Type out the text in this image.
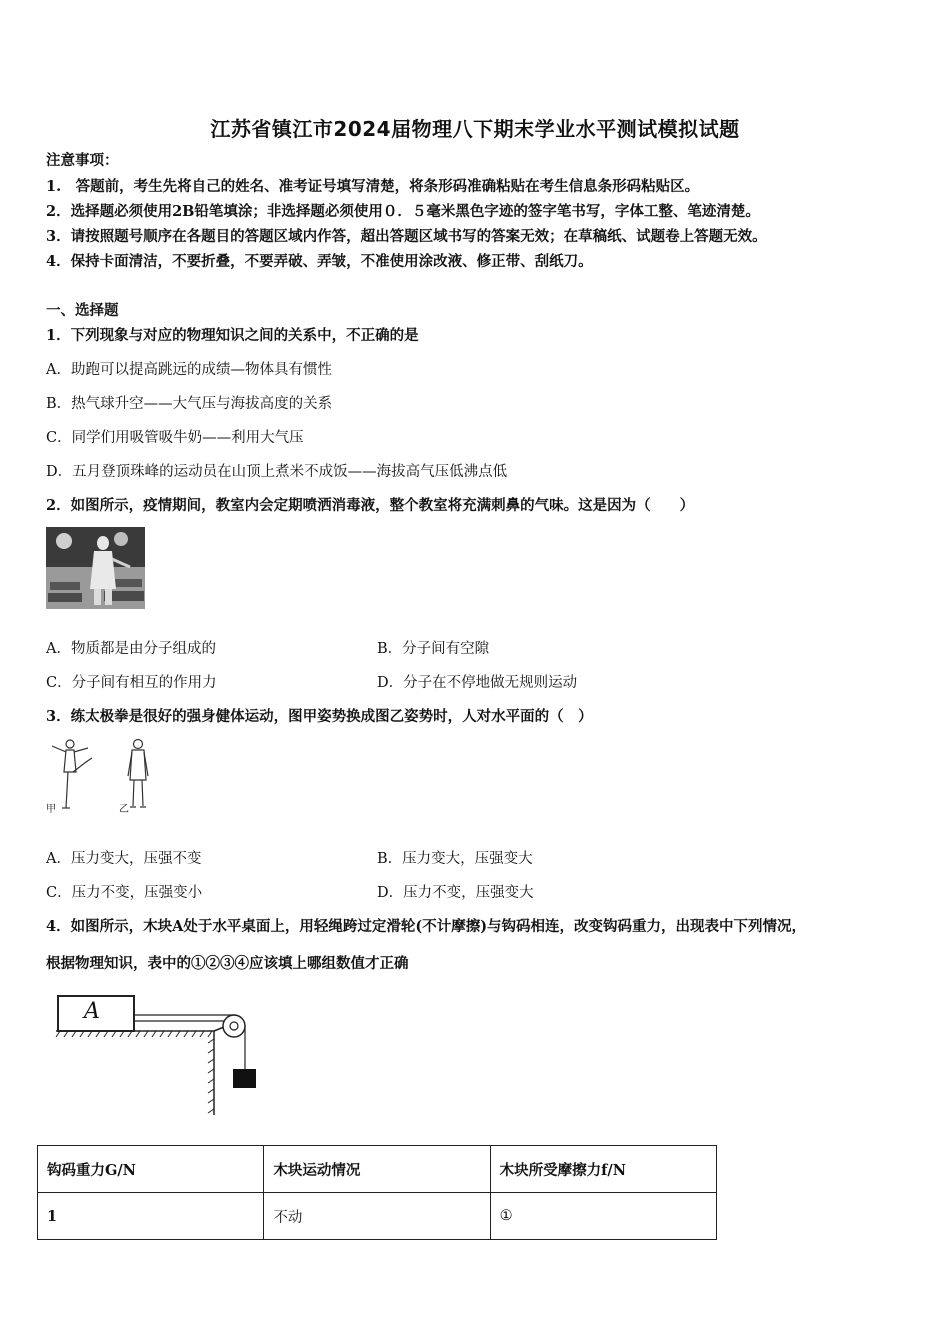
江苏省镇江市2024届物理八下期末学业水平测试模拟试题
注意事项：
1.　答题前，考生先将自己的姓名、准考证号填写清楚，将条形码准确粘贴在考生信息条形码粘贴区。
2．选择题必须使用2B铅笔填涂；非选择题必须使用０．５毫米黑色字迹的签字笔书写，字体工整、笔迹清楚。
3．请按照题号顺序在各题目的答题区域内作答，超出答题区域书写的答案无效；在草稿纸、试题卷上答题无效。
4．保持卡面清洁，不要折叠，不要弄破、弄皱，不准使用涂改液、修正带、刮纸刀。
一、选择题
1．下列现象与对应的物理知识之间的关系中，不正确的是
A．助跑可以提高跳远的成绩—物体具有惯性
B．热气球升空——大气压与海拔高度的关系
C．同学们用吸管吸牛奶——利用大气压
D．五月登顶珠峰的运动员在山顶上煮米不成饭——海拔高气压低沸点低
2．如图所示，疫情期间，教室内会定期喷洒消毒液，整个教室将充满刺鼻的气味。这是因为（　　）
A．物质都是由分子组成的	B．分子间有空隙
C．分子间有相互的作用力	D．分子在不停地做无规则运动
3．练太极拳是很好的强身健体运动，图甲姿势换成图乙姿势时，人对水平面的（　）
甲	乙
A．压力变大，压强不变	B．压力变大，压强变大
C．压力不变，压强变小	D．压力不变，压强变大
4．如图所示，木块A处于水平桌面上，用轻绳跨过定滑轮(不计摩擦)与钩码相连，改变钩码重力，出现表中下列情况，
根据物理知识，表中的①②③④应该填上哪组数值才正确
A
钩码重力G/N	木块运动情况	木块所受摩擦力f/N
1	不动	①
